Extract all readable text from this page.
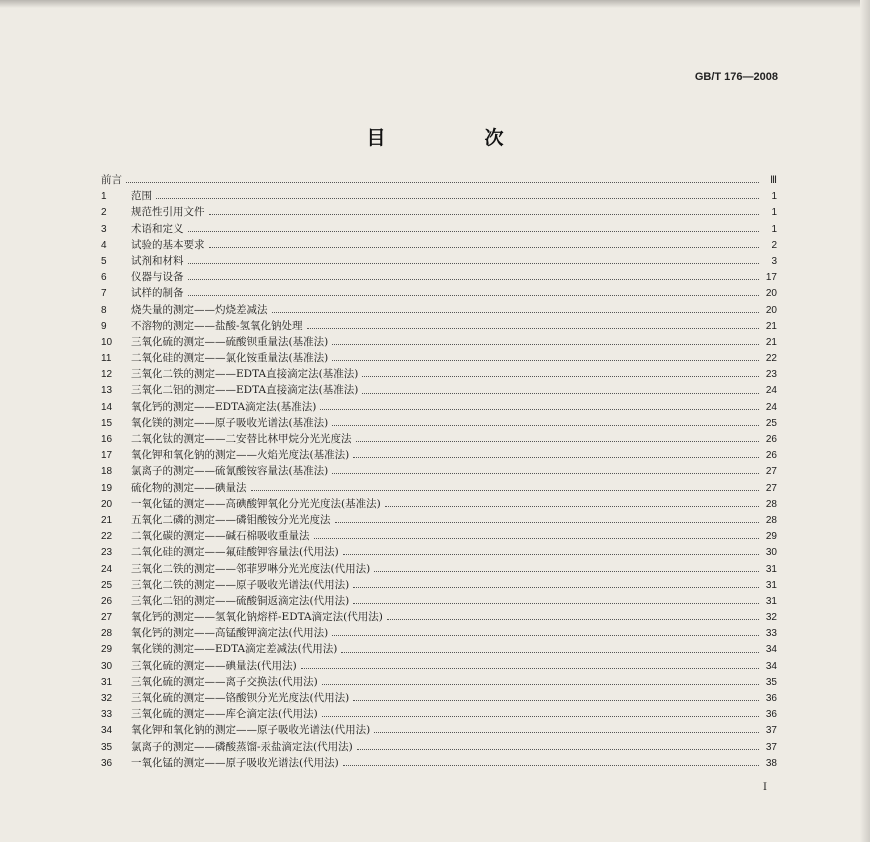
GB/T 176—2008
目　次
前言	Ⅲ
1	范围	1
2	规范性引用文件	1
3	术语和定义	1
4	试验的基本要求	2
5	试剂和材料	3
6	仪器与设备	17
7	试样的制备	20
8	烧失量的测定——灼烧差减法	20
9	不溶物的测定——盐酸-氢氧化钠处理	21
10	三氧化硫的测定——硫酸钡重量法(基准法)	21
11	二氧化硅的测定——氯化铵重量法(基准法)	22
12	三氧化二铁的测定——EDTA直接滴定法(基准法)	23
13	三氧化二铝的测定——EDTA直接滴定法(基准法)	24
14	氧化钙的测定——EDTA滴定法(基准法)	24
15	氧化镁的测定——原子吸收光谱法(基准法)	25
16	二氧化钛的测定——二安替比林甲烷分光光度法	26
17	氧化钾和氧化钠的测定——火焰光度法(基准法)	26
18	氯离子的测定——硫氰酸铵容量法(基准法)	27
19	硫化物的测定——碘量法	27
20	一氧化锰的测定——高碘酸钾氧化分光光度法(基准法)	28
21	五氧化二磷的测定——磷钼酸铵分光光度法	28
22	二氧化碳的测定——碱石棉吸收重量法	29
23	二氧化硅的测定——氟硅酸钾容量法(代用法)	30
24	三氧化二铁的测定——邻菲罗啉分光光度法(代用法)	31
25	三氧化二铁的测定——原子吸收光谱法(代用法)	31
26	三氧化二铝的测定——硫酸铜返滴定法(代用法)	31
27	氧化钙的测定——氢氧化钠熔样-EDTA滴定法(代用法)	32
28	氧化钙的测定——高锰酸钾滴定法(代用法)	33
29	氧化镁的测定——EDTA滴定差减法(代用法)	34
30	三氧化硫的测定——碘量法(代用法)	34
31	三氧化硫的测定——离子交换法(代用法)	35
32	三氧化硫的测定——铬酸钡分光光度法(代用法)	36
33	三氧化硫的测定——库仑滴定法(代用法)	36
34	氧化钾和氧化钠的测定——原子吸收光谱法(代用法)	37
35	氯离子的测定——磷酸蒸馏-汞盐滴定法(代用法)	37
36	一氧化锰的测定——原子吸收光谱法(代用法)	38
I
